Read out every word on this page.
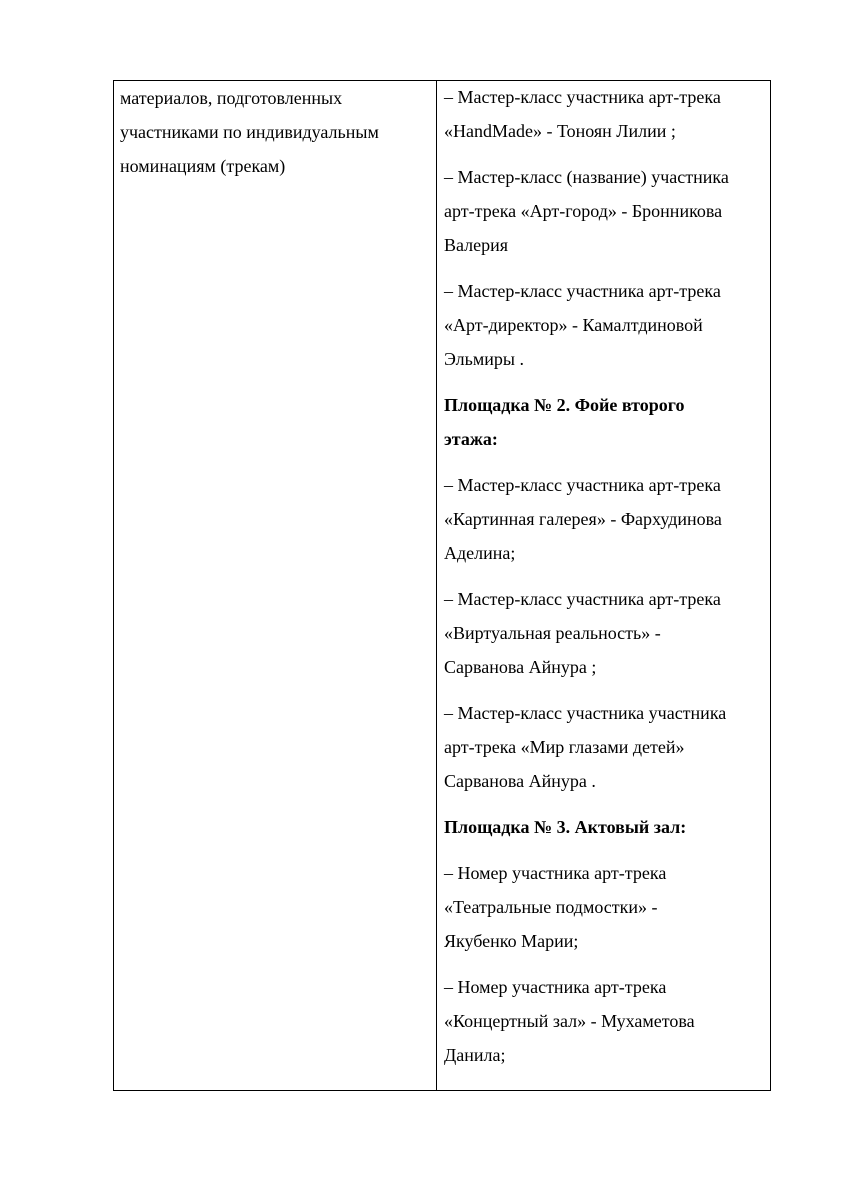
материалов, подготовленных

участниками по индивидуальным

номинациям (трекам)

– Мастер-класс участника арт-трека

«HandMade» - Тоноян Лилии ;

– Мастер-класс (название) участника

арт-трека «Арт-город» - Бронникова

Валерия

– Мастер-класс участника арт-трека

«Арт-директор» - Камалтдиновой

Эльмиры .

Площадка № 2. Фойе второго

этажа:

– Мастер-класс участника арт-трека

«Картинная галерея» - Фархудинова

Аделина;

– Мастер-класс участника арт-трека

«Виртуальная реальность» -

Сарванова Айнура ;

– Мастер-класс участника участника

арт-трека «Мир глазами детей»

Сарванова Айнура .

Площадка № 3. Актовый зал:

– Номер участника арт-трека

«Театральные подмостки» -

Якубенко Марии;

– Номер участника арт-трека

«Концертный зал» - Мухаметова

Данила;
